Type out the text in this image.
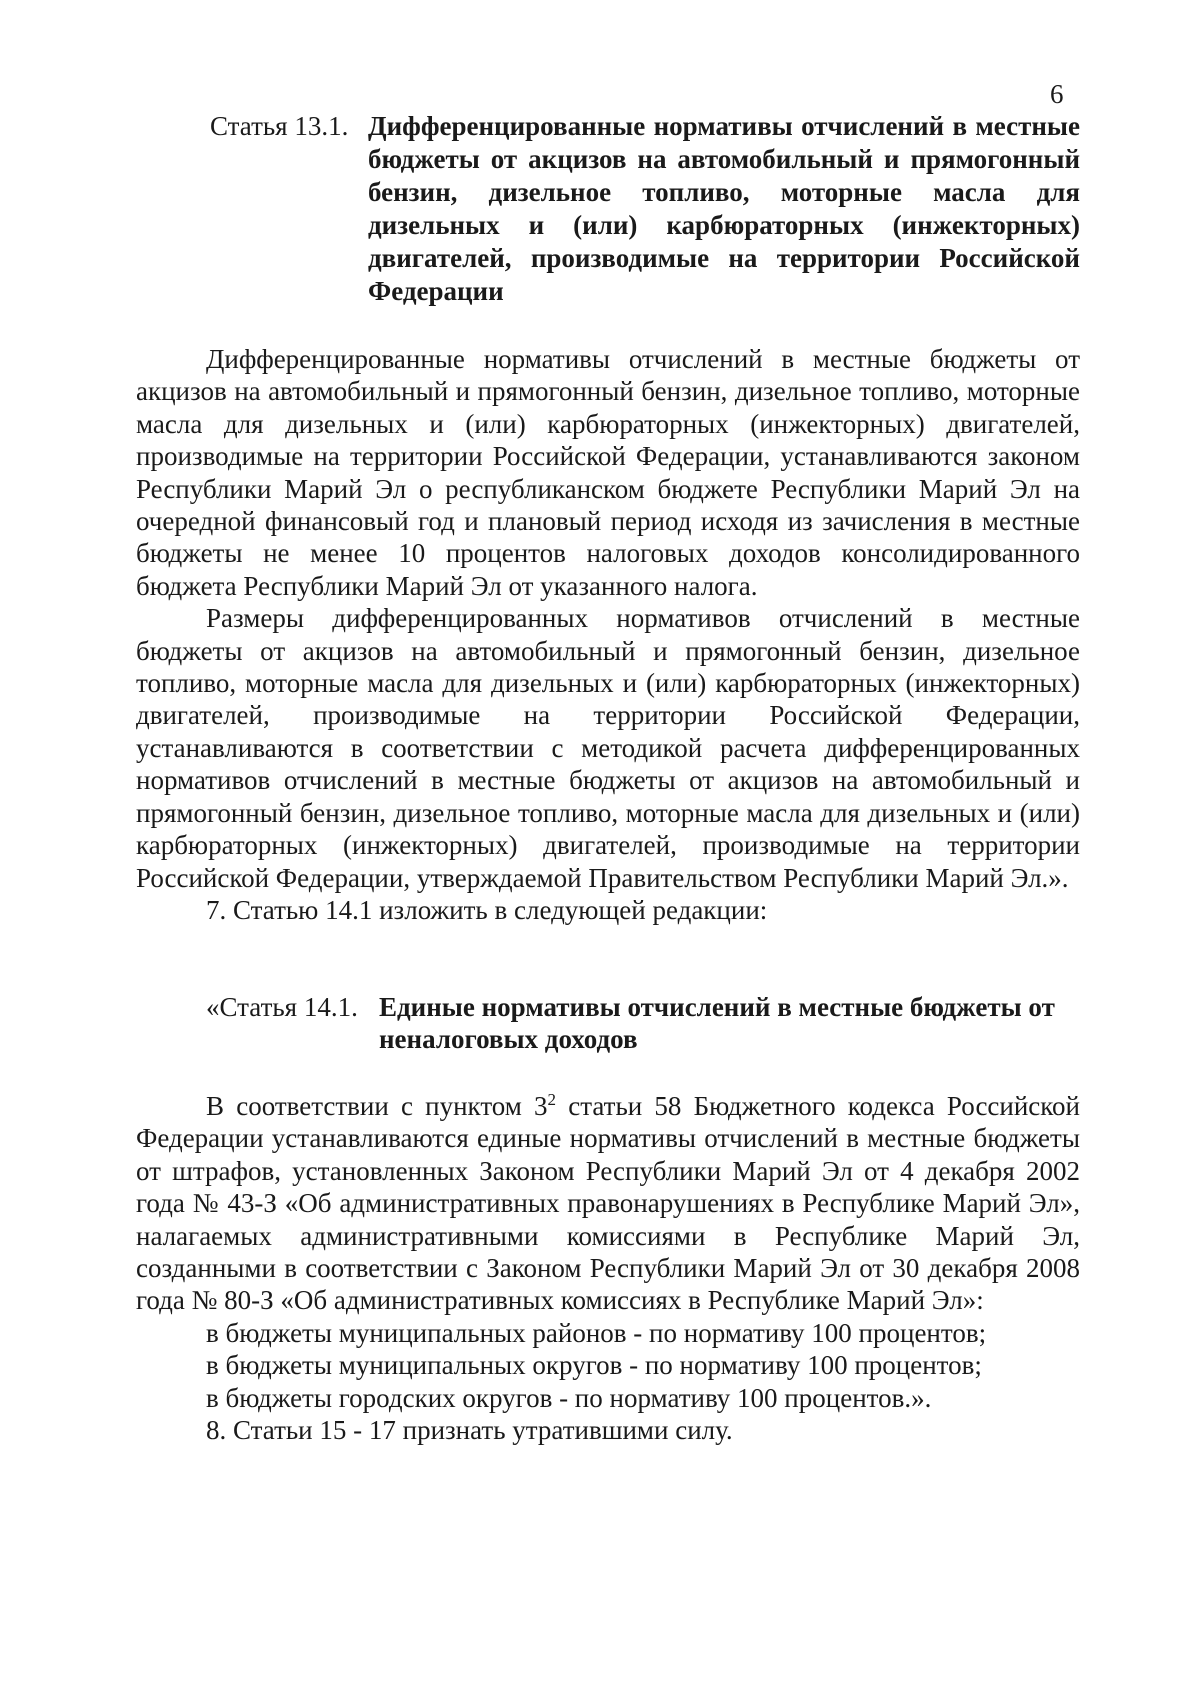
6
Статья 13.1. Дифференцированные нормативы отчислений в местные бюджеты от акцизов на автомобильный и прямогонный бензин, дизельное топливо, моторные масла для дизельных и (или) карбюраторных (инжекторных) двигателей, производимые на территории Российской Федерации

Дифференцированные нормативы отчислений в местные бюджеты от акцизов на автомобильный и прямогонный бензин, дизельное топливо, моторные масла для дизельных и (или) карбюраторных (инжекторных) двигателей, производимые на территории Российской Федерации, устанавливаются законом Республики Марий Эл о республиканском бюджете Республики Марий Эл на очередной финансовый год и плановый период исходя из зачисления в местные бюджеты не менее 10 процентов налоговых доходов консолидированного бюджета Республики Марий Эл от указанного налога.

Размеры дифференцированных нормативов отчислений в местные бюджеты от акцизов на автомобильный и прямогонный бензин, дизельное топливо, моторные масла для дизельных и (или) карбюраторных (инжекторных) двигателей, производимые на территории Российской Федерации, устанавливаются в соответствии с методикой расчета дифференцированных нормативов отчислений в местные бюджеты от акцизов на автомобильный и прямогонный бензин, дизельное топливо, моторные масла для дизельных и (или) карбюраторных (инжекторных) двигателей, производимые на территории Российской Федерации, утверждаемой Правительством Республики Марий Эл.».

7. Статью 14.1 изложить в следующей редакции:

«Статья 14.1. Единые нормативы отчислений в местные бюджеты от неналоговых доходов

В соответствии с пунктом $3^2$ статьи 58 Бюджетного кодекса Российской Федерации устанавливаются единые нормативы отчислений в местные бюджеты от штрафов, установленных Законом Республики Марий Эл от 4 декабря 2002 года № 43-З «Об административных правонарушениях в Республике Марий Эл», налагаемых административными комиссиями в Республике Марий Эл, созданными в соответствии с Законом Республики Марий Эл от 30 декабря 2008 года № 80-З «Об административных комиссиях в Республике Марий Эл»:

в бюджеты муниципальных районов - по нормативу 100 процентов;

в бюджеты муниципальных округов - по нормативу 100 процентов;

в бюджеты городских округов - по нормативу 100 процентов.».

8. Статьи 15 - 17 признать утратившими силу.
